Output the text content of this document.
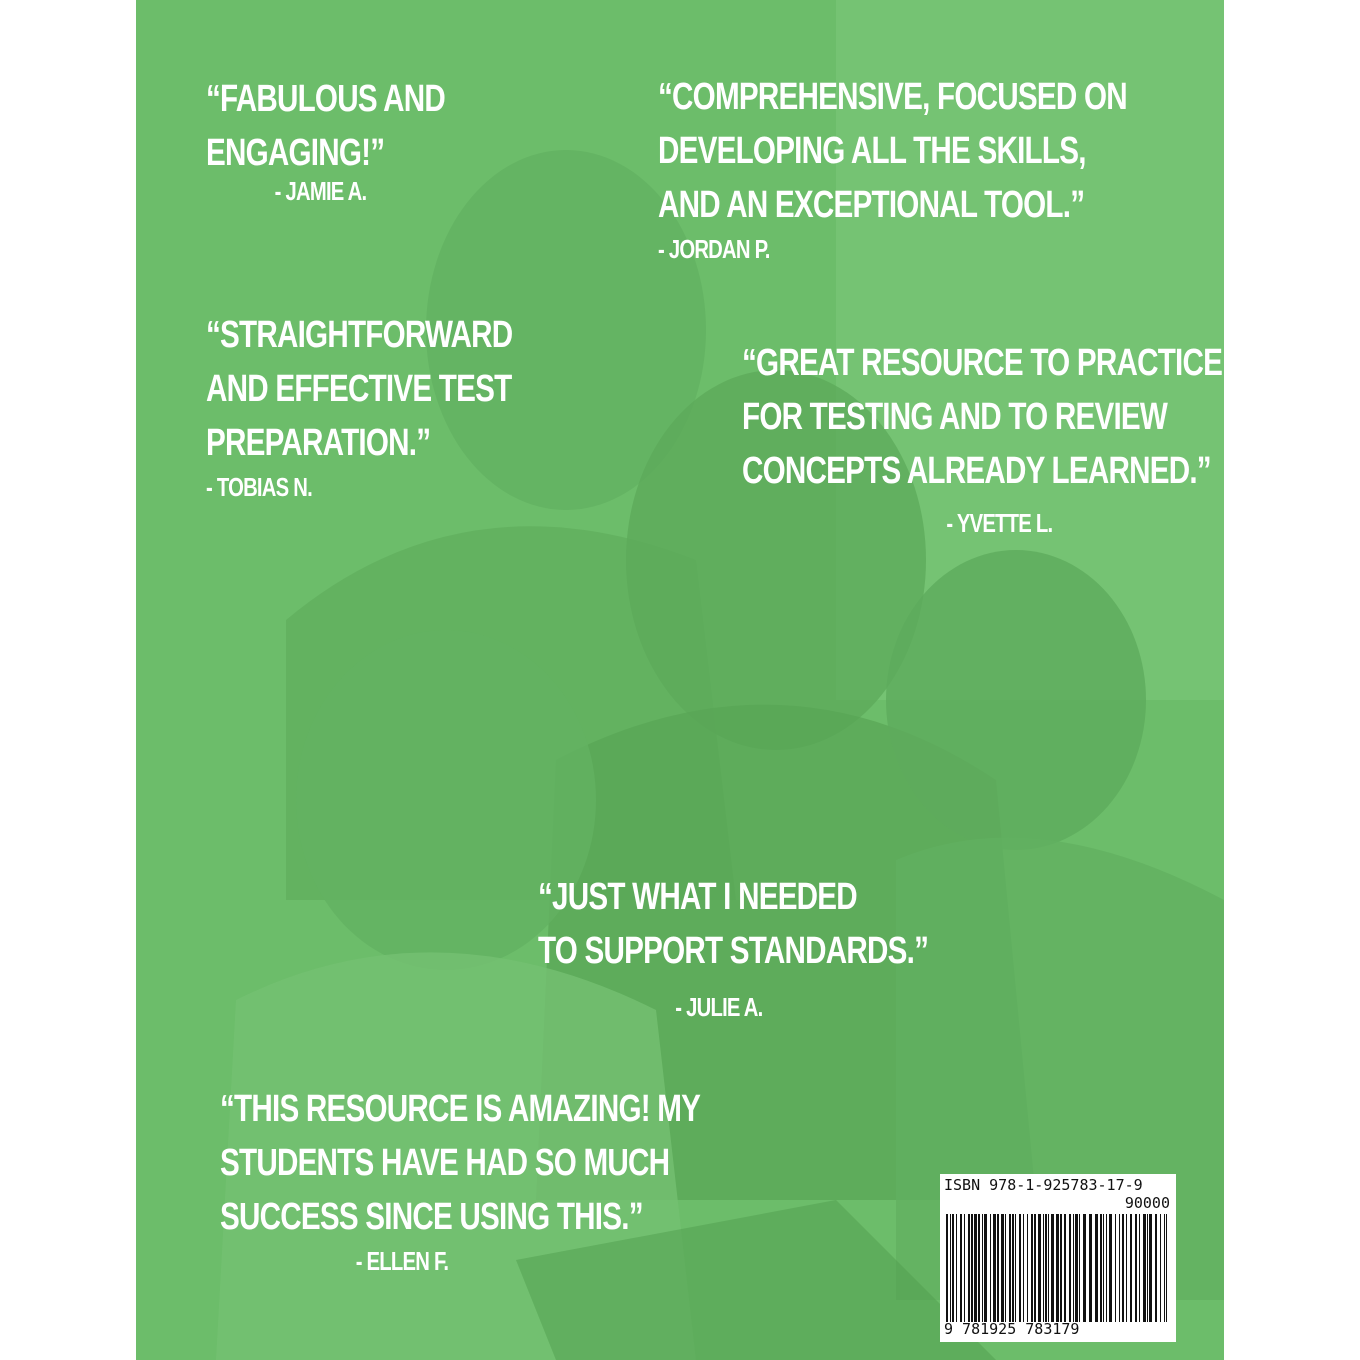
“FABULOUS AND
ENGAGING!”
- JAMIE A.
“COMPREHENSIVE, FOCUSED ON
DEVELOPING ALL THE SKILLS,
AND AN EXCEPTIONAL TOOL.”
- JORDAN P.
“STRAIGHTFORWARD
AND EFFECTIVE TEST
PREPARATION.”
- TOBIAS N.
“GREAT RESOURCE TO PRACTICE
FOR TESTING AND TO REVIEW
CONCEPTS ALREADY LEARNED.”
- YVETTE L.
“JUST WHAT I NEEDED
TO SUPPORT STANDARDS.”
- JULIE A.
“THIS RESOURCE IS AMAZING! MY
STUDENTS HAVE HAD SO MUCH
SUCCESS SINCE USING THIS.”
- ELLEN F.

ISBN 978-1-925783-17-9

90000

9 781925 783179
